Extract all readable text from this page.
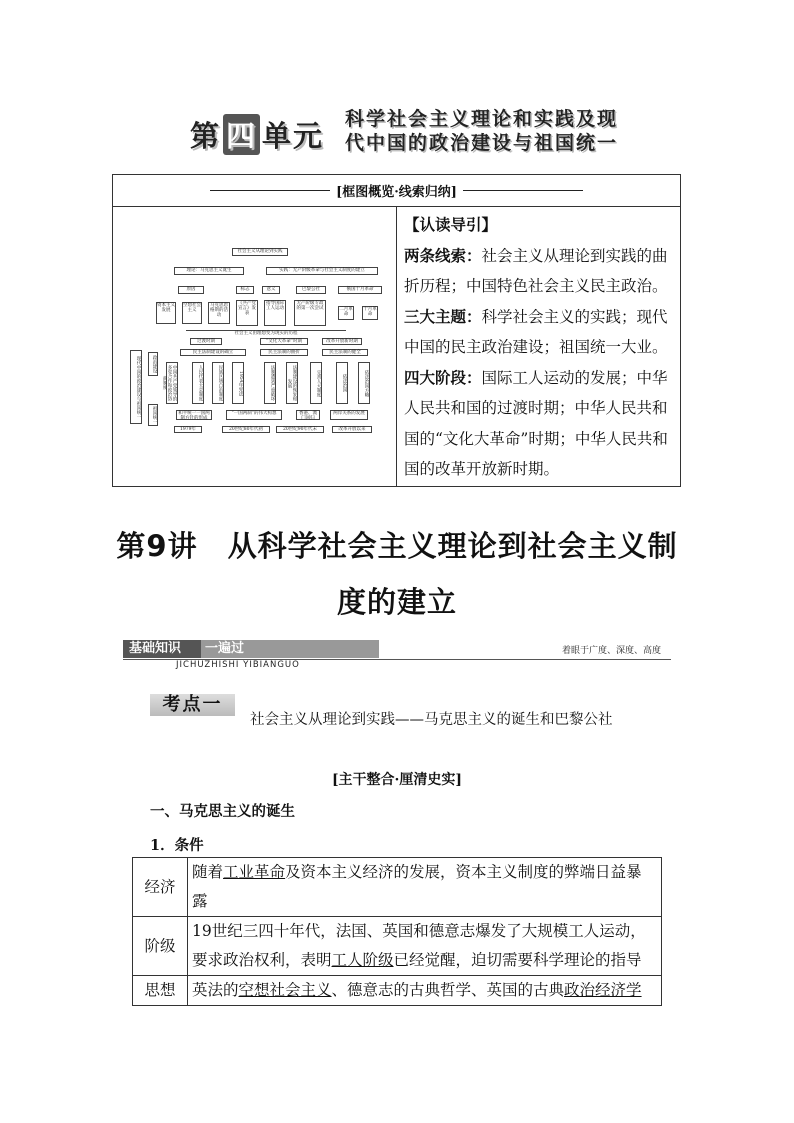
第 四 单元 科学社会主义理论和实践及现
代中国的政治建设与祖国统一
[框图概览·线索归纳]
社会主义从理论到实践
理论：马克思主义诞生	实践：无产阶级革命与社会主义制度的建立
原因	标志	意义	巴黎公社	俄国十月革命
资本主义发展
空想社会主义
马克思恩格斯的活动
《共产党宣言》发表
指导国际工人运动
无产阶级专政的第一次尝试	二月革命
十月革命
社会主义由理想变为现实的历程
现代中国的政治建设与祖国统一	政治建设
祖国统一
过渡时期	“文化大革命”时期	改革开放新时期
民主法制建设的确立	民主法制的曲折	民主法制的健全
中国共产党领导的多党合作和政治协商制度	人民代表大会制度	民族区域自治制度	1954年宪法	法制遭到严重破坏	法制建设的恢复和发展	完善人大制度	依法治国	依法治国方略
和平统一一国两制方针的形成
“一国两制”的伟大构想	香港、澳门回归
两岸关系的发展
1979年	20世纪80年代初	20世纪90年代末	改革开放以来
【认读导引】
两条线索：社会主义从理论到实践的曲折历程；中国特色社会主义民主政治。
三大主题：科学社会主义的实践；现代中国的民主政治建设；祖国统一大业。
四大阶段：国际工人运动的发展；中华人民共和国的过渡时期；中华人民共和国的“文化大革命”时期；中华人民共和国的改革开放新时期。
第9讲　从科学社会主义理论到社会主义制
度的建立
基础知识	一遍过	着眼于广度、深度、高度
JICHUZHISHI YIBIANGUO
考点一
社会主义从理论到实践——马克思主义的诞生和巴黎公社
[主干整合·厘清史实]
一、马克思主义的诞生
1．条件
经济	随着工业革命及资本主义经济的发展，资本主义制度的弊端日益暴露
阶级	19世纪三四十年代，法国、英国和德意志爆发了大规模工人运动，要求政治权利，表明工人阶级已经觉醒，迫切需要科学理论的指导
思想	英法的空想社会主义、德意志的古典哲学、英国的古典政治经济学
